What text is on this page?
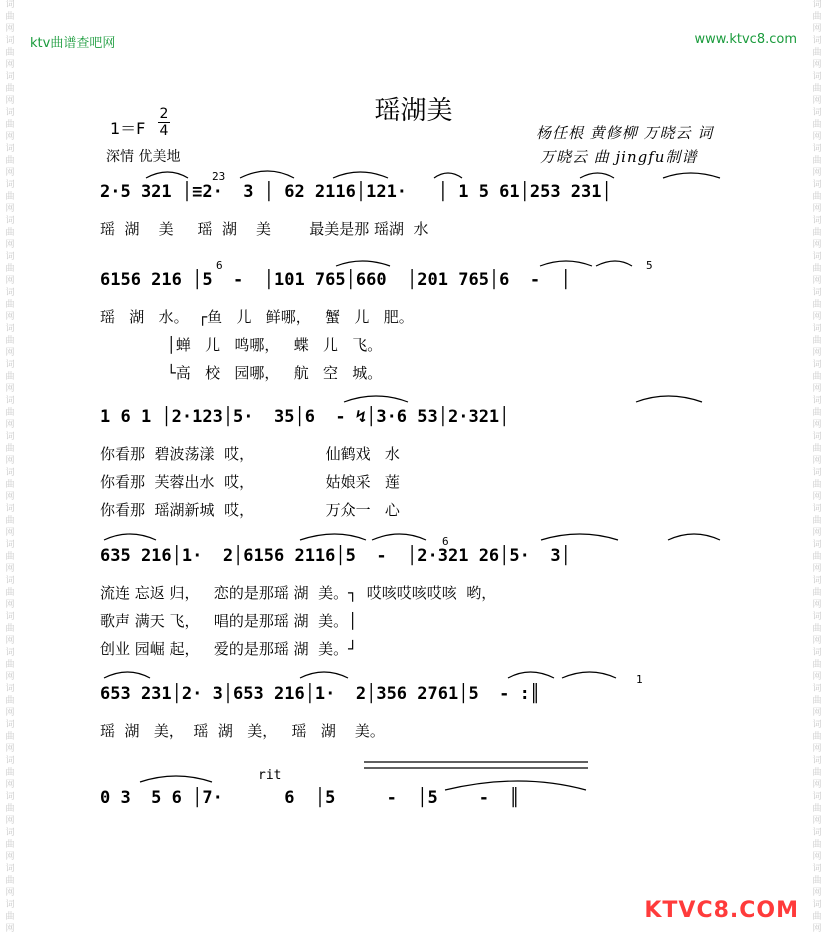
词
曲
网
词
曲
网
词
曲
网
词
曲
网
词
曲
网
词
曲
网
词
曲
网
词
曲
网
词
曲
网
词
曲
网
词
曲
网
词
曲
网
词
曲
网
词
曲
网
词
曲
网
词
曲
网
词
曲
网
词
曲
网
词
曲
网
词
曲
网
词
曲
网
词
曲
网
词
曲
网
词
曲
网
词
曲
网
词
曲
网
词
曲
网
词
曲
网
词
曲
网
词
曲
网
词
曲
网
词
曲
网
词
曲
网
词
曲
网
词
曲
网
词
曲
网
词
曲
网
词
曲
网
词
曲
网
词
曲
网
词
曲
网
词
曲
网
词
曲
网
词
曲
网
词
曲
网
词
曲
网
词
曲
网
词
曲
网
词
曲
网
词
曲
网
词
曲
网
词
曲
网
ktv曲谱查吧网	www.ktvc8.com
瑶湖美
1＝F
2
4
深情 优美地
杨任根 黄修柳 万晓云 词
万晓云 曲 jingfu制谱
2·5 321 │≡2·  3 │ 62 2116│121·   │ 1 5 61│253 231│
瑶  湖    美     瑶  湖    美        最美是那 瑶湖  水
6156 216 │5  -  │101 765│660  │201 765│6  -  │
瑶   湖   水。  ┌鱼   儿   鲜哪，   蟹   儿   肥。
│蝉   儿   鸣哪，   蝶   儿   飞。
└高   校   园哪，   航   空   城。
1 6 1 │2·123│5·  35│6  - ↯│3·6 53│2·321│
你看那  碧波荡漾  哎，               仙鹤戏   水
你看那  芙蓉出水  哎，               姑娘采   莲
你看那  瑶湖新城  哎，               万众一   心
635 216│1·  2│6156 2116│5  -  │2·321 26│5·  3│
流连 忘返 归，   恋的是那瑶 湖  美。┐  哎咳哎咳哎咳  哟，
歌声 满天 飞，   唱的是那瑶 湖  美。│
创业 园崛 起，   爱的是那瑶 湖  美。┘
653 231│2· 3│653 216│1·  2│356 2761│5  - :║
瑶  湖   美，  瑶  湖   美，   瑶   湖    美。
rit
0 3  5 6 │7·      6  │5     -  │5    -  ║
23
6	5
6
1
KTVC8.COM
